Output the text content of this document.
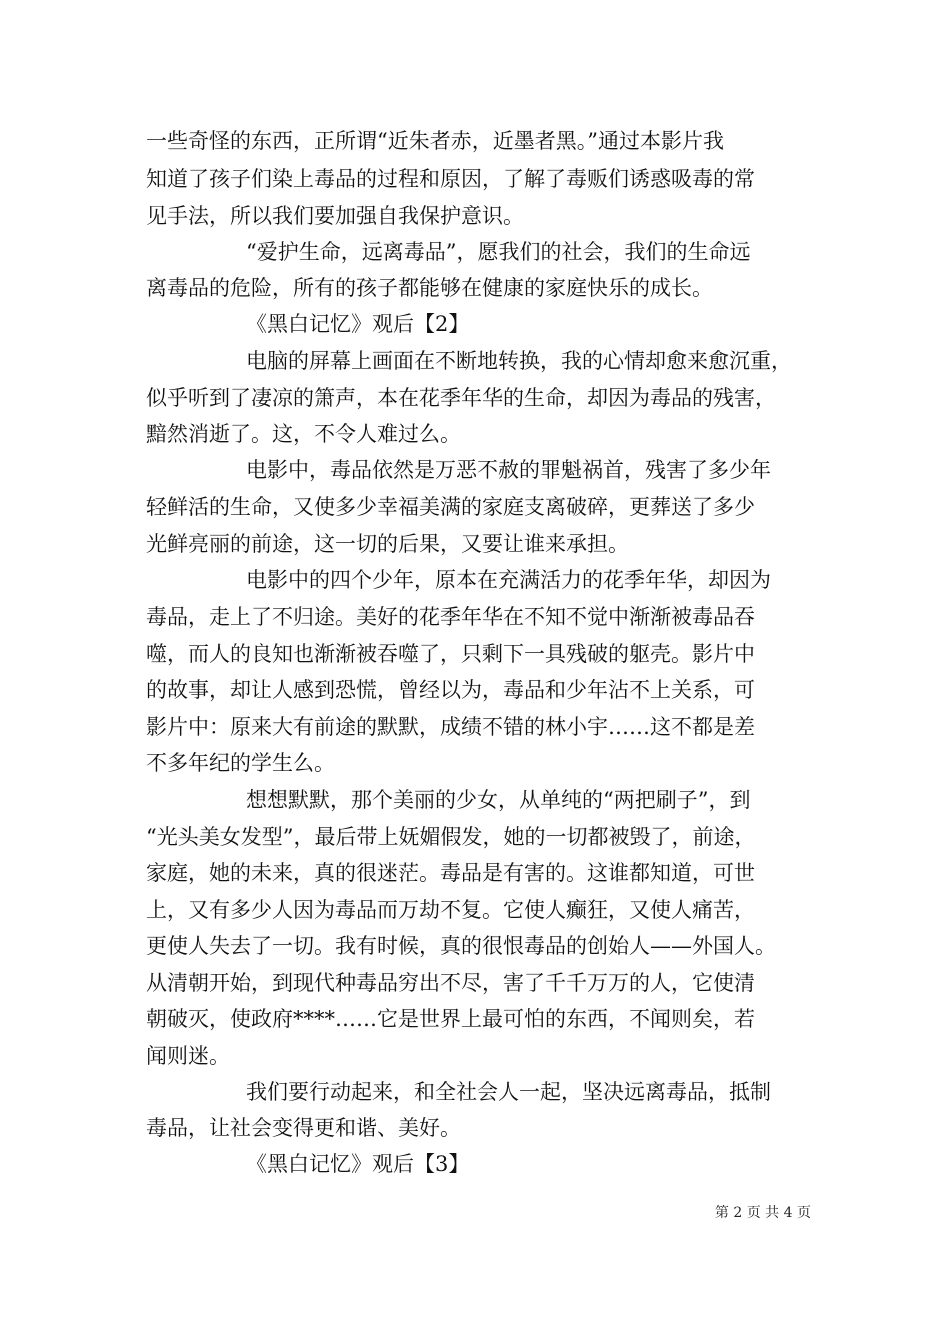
一些奇怪的东西，正所谓“近朱者赤，近墨者黑。”通过本影片我
知道了孩子们染上毒品的过程和原因，了解了毒贩们诱惑吸毒的常
见手法，所以我们要加强自我保护意识。
“爱护生命，远离毒品”，愿我们的社会，我们的生命远
离毒品的危险，所有的孩子都能够在健康的家庭快乐的成长。
《黑白记忆》观后【2】
电脑的屏幕上画面在不断地转换，我的心情却愈来愈沉重，
似乎听到了凄凉的箫声，本在花季年华的生命，却因为毒品的残害，
黯然消逝了。这，不令人难过么。
电影中，毒品依然是万恶不赦的罪魁祸首，残害了多少年
轻鲜活的生命，又使多少幸福美满的家庭支离破碎，更葬送了多少
光鲜亮丽的前途，这一切的后果，又要让谁来承担。
电影中的四个少年，原本在充满活力的花季年华，却因为
毒品，走上了不归途。美好的花季年华在不知不觉中渐渐被毒品吞
噬，而人的良知也渐渐被吞噬了，只剩下一具残破的躯壳。影片中
的故事，却让人感到恐慌，曾经以为，毒品和少年沾不上关系，可
影片中：原来大有前途的默默，成绩不错的林小宇……这不都是差
不多年纪的学生么。
想想默默，那个美丽的少女，从单纯的“两把刷子”，到
“光头美女发型”，最后带上妩媚假发，她的一切都被毁了，前途，
家庭，她的未来，真的很迷茫。毒品是有害的。这谁都知道，可世
上，又有多少人因为毒品而万劫不复。它使人癫狂，又使人痛苦，
更使人失去了一切。我有时候，真的很恨毒品的创始人——外国人。
从清朝开始，到现代种毒品穷出不尽，害了千千万万的人，它使清
朝破灭，使政府****……它是世界上最可怕的东西，不闻则矣，若
闻则迷。
我们要行动起来，和全社会人一起，坚决远离毒品，抵制
毒品，让社会变得更和谐、美好。
《黑白记忆》观后【3】
第 2 页 共 4 页
